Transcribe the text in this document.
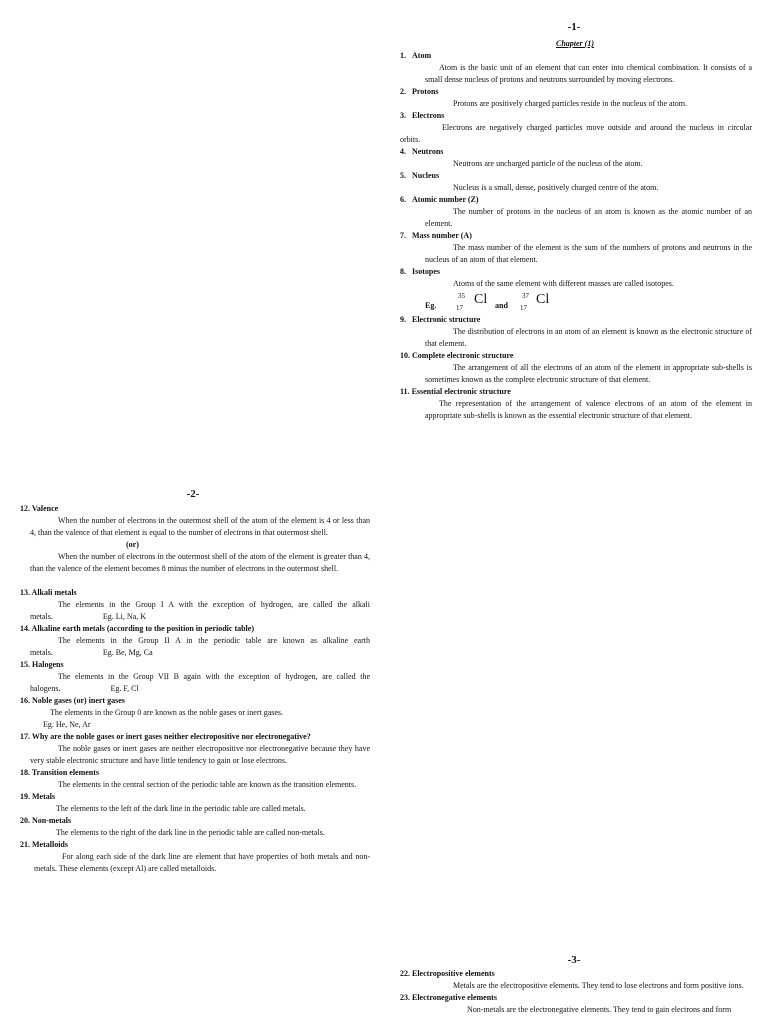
-1-
Chapter (1)

1. Atom

Atom is the basic unit of an element that can enter into chemical combination. It consists of a small dense nucleus of protons and neutrons surrounded by moving electrons.

2. Protons

Protons are positively charged particles reside in the nucleus of the atom.

3. Electrons

Electrons are negatively charged particles move outside and around the nucleus in circular orbits.

4. Neutrons

Neutrons are uncharged particle of the nucleus of the atom.

5. Nucleus

Nucleus is a small, dense, positively charged centre of the atom.

6. Atomic number (Z)

The number of protons in the nucleus of an atom is known as the atomic number of an element.

7. Mass number (A)

The mass number of the element is the sum of the numbers of protons and neutrons in the nucleus of an atom of that element.

8. Isotopes

Atoms of the same element with different masses are called isotopes.

Eg.
35
17
Cl and
37
17
Cl

9. Electronic structure

The distribution of electrons in an atom of an element is known as the electronic structure of that element.

10. Complete electronic structure

The arrangement of all the electrons of an atom of the element in appropriate sub-shells is sometimes known as the complete electronic structure of that element.

11. Essential electronic structure

The representation of the arrangement of valence electrons of an atom of the element in appropriate sub-shells is known as the essential electronic structure of that element.

-2-

12. Valence

When the number of electrons in the outermost shell of the atom of the element is 4 or less than 4, than the valence of that element is equal to the number of electrons in that outermost shell.

(or)

When the number of electrons in the outermost shell of the atom of the element is greater than 4, than the valence of the element becomes 8 minus the number of electrons in the outermost shell.

13. Alkali metals

The elements in the Group I A with the exception of hydrogen, are called the alkali metals.	Eg. Li, Na, K

14. Alkaline earth metals (according to the position in periodic table)

The elements in the Group II A in the periodic table are known as alkaline earth metals.	Eg. Be, Mg, Ca

15. Halogens

The elements in the Group VII B again with the exception of hydrogen, are called the halogens.	Eg. F, Cl

16. Noble gases (or) inert gases

The elements in the Group 0 are known as the noble gases or inert gases.

Eg. He, Ne, Ar

17. Why are the noble gases or inert gases neither electropositive nor electronegative?

The noble gases or inert gases are neither electropositive nor electronegative because they have very stable electronic structure and have little tendency to gain or lose electrons.

18. Transition elements

The elements in the central section of the periodic table are known as the transition elements.

19. Metals

The elements to the left of the dark line in the periodic table are called metals.

20. Non-metals

The elements to the right of the dark line in the periodic table are called non-metals.

21. Metalloids

For along each side of the dark line are element that have properties of both metals and non-metals. These elements (except Al) are called metalloids.

-3-

22. Electropositive elements

Metals are the electropositive elements. They tend to lose electrons and form positive ions.

23. Electronegative elements

Non-metals are the electronegative elements. They tend to gain electrons and form
